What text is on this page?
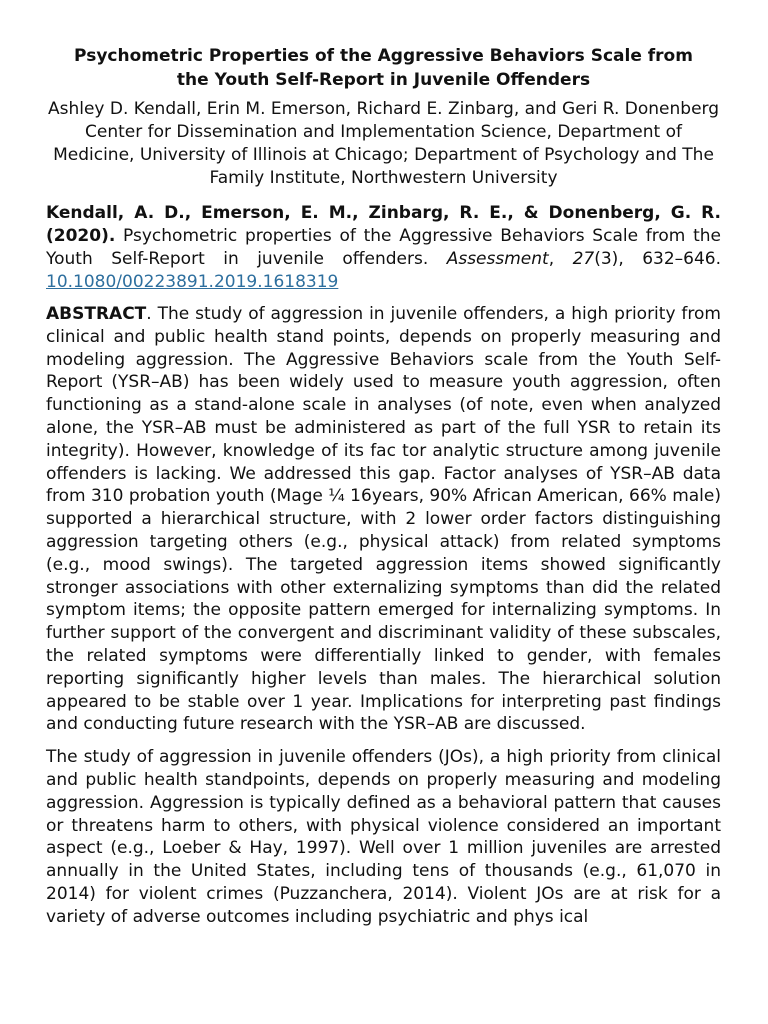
Psychometric Properties of the Aggressive Behaviors Scale from the Youth Self-Report in Juvenile Offenders

Ashley D. Kendall, Erin M. Emerson, Richard E. Zinbarg, and Geri R. Donenberg

Center for Dissemination and Implementation Science, Department of Medicine, University of Illinois at Chicago; Department of Psychology and The Family Institute, Northwestern University

Kendall, A. D., Emerson, E. M., Zinbarg, R. E., & Donenberg, G. R. (2020). Psychometric properties of the Aggressive Behaviors Scale from the Youth Self-Report in juvenile offenders. Assessment, 27(3), 632–646. 10.1080/00223891.2019.1618319

ABSTRACT. The study of aggression in juvenile offenders, a high priority from clinical and public health stand points, depends on properly measuring and modeling aggression. The Aggressive Behaviors scale from the Youth Self-Report (YSR–AB) has been widely used to measure youth aggression, often functioning as a stand-alone scale in analyses (of note, even when analyzed alone, the YSR–AB must be administered as part of the full YSR to retain its integrity). However, knowledge of its fac tor analytic structure among juvenile offenders is lacking. We addressed this gap. Factor analyses of YSR–AB data from 310 probation youth (Mage ¼ 16years, 90% African American, 66% male) supported a hierarchical structure, with 2 lower order factors distinguishing aggression targeting others (e.g., physical attack) from related symptoms (e.g., mood swings). The targeted aggression items showed significantly stronger associations with other externalizing symptoms than did the related symptom items; the opposite pattern emerged for internalizing symptoms. In further support of the convergent and discriminant validity of these subscales, the related symptoms were differentially linked to gender, with females reporting significantly higher levels than males. The hierarchical solution appeared to be stable over 1 year. Implications for interpreting past findings and conducting future research with the YSR–AB are discussed.

The study of aggression in juvenile offenders (JOs), a high priority from clinical and public health standpoints, depends on properly measuring and modeling aggression. Aggression is typically defined as a behavioral pattern that causes or threatens harm to others, with physical violence considered an important aspect (e.g., Loeber & Hay, 1997). Well over 1 million juveniles are arrested annually in the United States, including tens of thousands (e.g., 61,070 in 2014) for violent crimes (Puzzanchera, 2014). Violent JOs are at risk for a variety of adverse outcomes including psychiatric and phys ical
